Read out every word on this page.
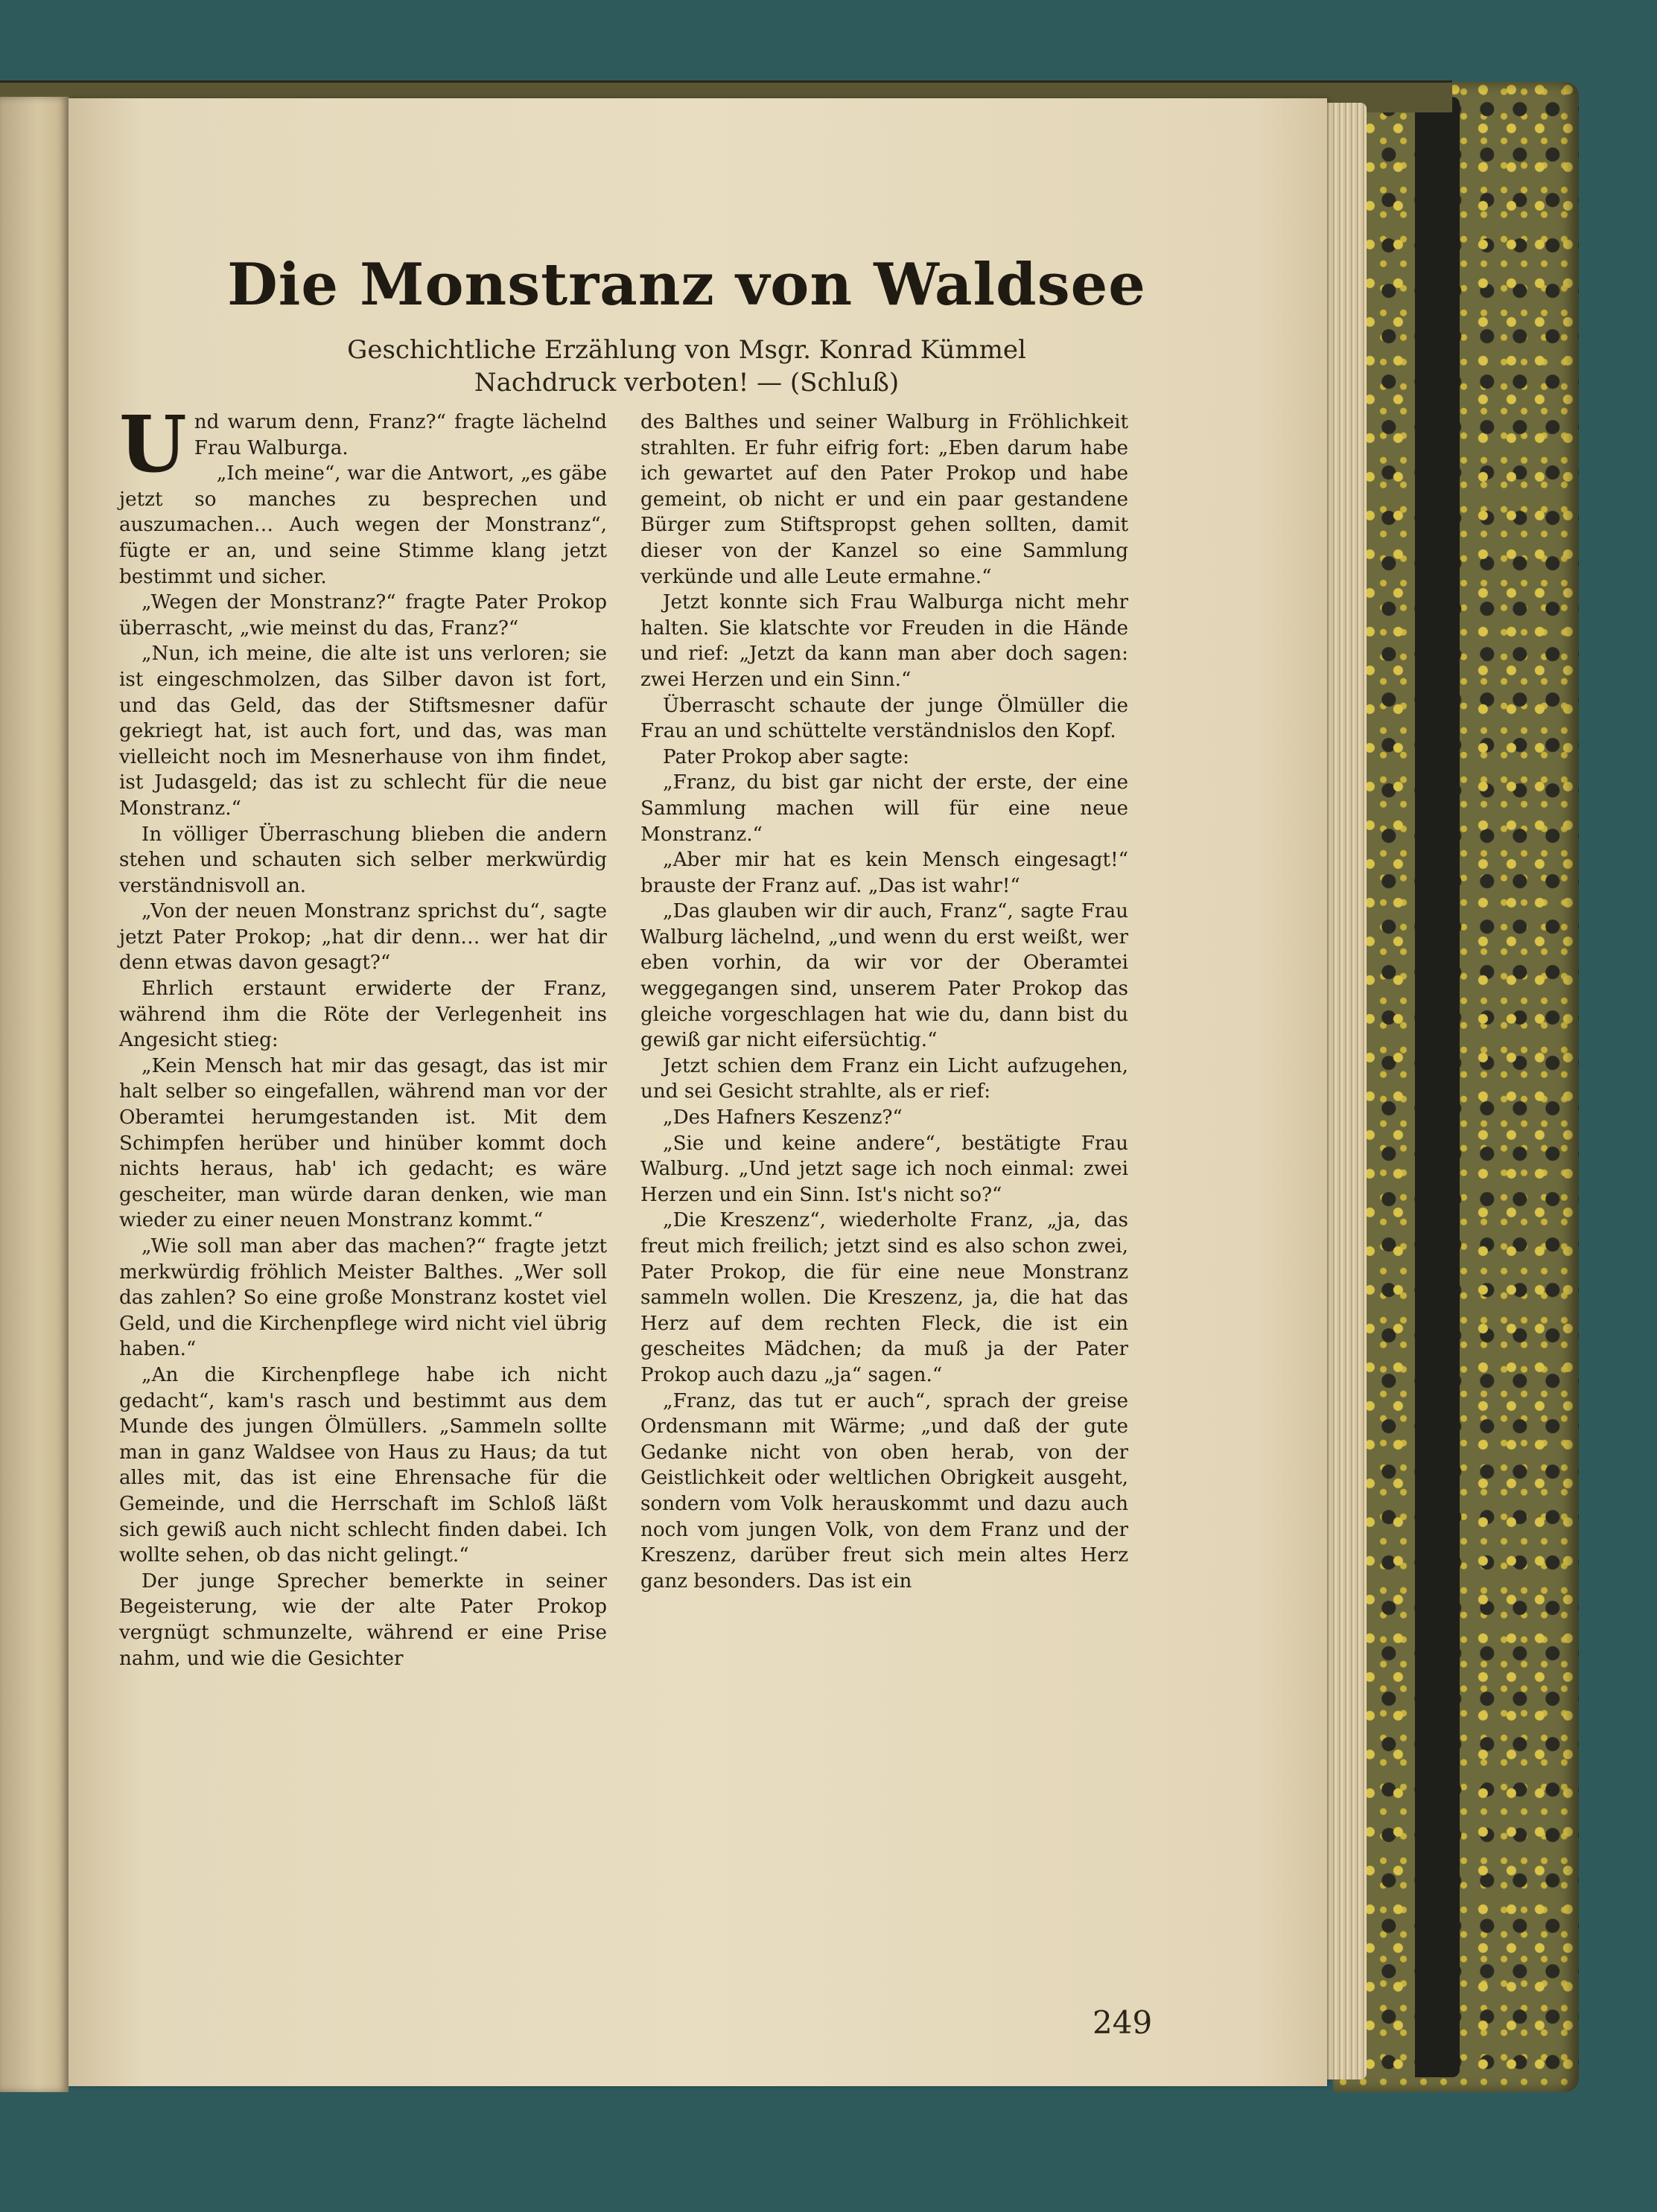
Die Monstranz von Waldsee
Geschichtliche Erzählung von Msgr. Konrad Kümmel
Nachdruck verboten! — (Schluß)
U nd warum denn, Franz?“ fragte lächelnd Frau Walburga.

„Ich meine“, war die Antwort, „es gäbe jetzt so manches zu besprechen und auszumachen… Auch wegen der Monstranz“, fügte er an, und seine Stimme klang jetzt bestimmt und sicher.

„Wegen der Monstranz?“ fragte Pater Prokop überrascht, „wie meinst du das, Franz?“

„Nun, ich meine, die alte ist uns verloren; sie ist eingeschmolzen, das Silber davon ist fort, und das Geld, das der Stiftsmesner dafür gekriegt hat, ist auch fort, und das, was man vielleicht noch im Mesnerhause von ihm findet, ist Judasgeld; das ist zu schlecht für die neue Monstranz.“

In völliger Überraschung blieben die andern stehen und schauten sich selber merkwürdig verständnisvoll an.

„Von der neuen Monstranz sprichst du“, sagte jetzt Pater Prokop; „hat dir denn… wer hat dir denn etwas davon gesagt?“

Ehrlich erstaunt erwiderte der Franz, während ihm die Röte der Verlegenheit ins Angesicht stieg:

„Kein Mensch hat mir das gesagt, das ist mir halt selber so eingefallen, während man vor der Oberamtei herumgestanden ist. Mit dem Schimpfen herüber und hinüber kommt doch nichts heraus, hab' ich gedacht; es wäre gescheiter, man würde daran denken, wie man wieder zu einer neuen Monstranz kommt.“

„Wie soll man aber das machen?“ fragte jetzt merkwürdig fröhlich Meister Balthes. „Wer soll das zahlen? So eine große Monstranz kostet viel Geld, und die Kirchenpflege wird nicht viel übrig haben.“

„An die Kirchenpflege habe ich nicht gedacht“, kam's rasch und bestimmt aus dem Munde des jungen Ölmüllers. „Sammeln sollte man in ganz Waldsee von Haus zu Haus; da tut alles mit, das ist eine Ehrensache für die Gemeinde, und die Herrschaft im Schloß läßt sich gewiß auch nicht schlecht finden dabei. Ich wollte sehen, ob das nicht gelingt.“

Der junge Sprecher bemerkte in seiner Begeisterung, wie der alte Pater Prokop vergnügt schmunzelte, während er eine Prise nahm, und wie die Gesichter

des Balthes und seiner Walburg in Fröhlichkeit strahlten. Er fuhr eifrig fort: „Eben darum habe ich gewartet auf den Pater Prokop und habe gemeint, ob nicht er und ein paar gestandene Bürger zum Stiftspropst gehen sollten, damit dieser von der Kanzel so eine Sammlung verkünde und alle Leute ermahne.“

Jetzt konnte sich Frau Walburga nicht mehr halten. Sie klatschte vor Freuden in die Hände und rief: „Jetzt da kann man aber doch sagen: zwei Herzen und ein Sinn.“

Überrascht schaute der junge Ölmüller die Frau an und schüttelte verständnislos den Kopf.

Pater Prokop aber sagte:

„Franz, du bist gar nicht der erste, der eine Sammlung machen will für eine neue Monstranz.“

„Aber mir hat es kein Mensch eingesagt!“ brauste der Franz auf. „Das ist wahr!“

„Das glauben wir dir auch, Franz“, sagte Frau Walburg lächelnd, „und wenn du erst weißt, wer eben vorhin, da wir vor der Oberamtei weggegangen sind, unserem Pater Prokop das gleiche vorgeschlagen hat wie du, dann bist du gewiß gar nicht eifersüchtig.“

Jetzt schien dem Franz ein Licht aufzugehen, und sei Gesicht strahlte, als er rief:

„Des Hafners Keszenz?“

„Sie und keine andere“, bestätigte Frau Walburg. „Und jetzt sage ich noch einmal: zwei Herzen und ein Sinn. Ist's nicht so?“

„Die Kreszenz“, wiederholte Franz, „ja, das freut mich freilich; jetzt sind es also schon zwei, Pater Prokop, die für eine neue Monstranz sammeln wollen. Die Kreszenz, ja, die hat das Herz auf dem rechten Fleck, die ist ein gescheites Mädchen; da muß ja der Pater Prokop auch dazu „ja“ sagen.“

„Franz, das tut er auch“, sprach der greise Ordensmann mit Wärme; „und daß der gute Gedanke nicht von oben herab, von der Geistlichkeit oder weltlichen Obrigkeit ausgeht, sondern vom Volk herauskommt und dazu auch noch vom jungen Volk, von dem Franz und der Kreszenz, darüber freut sich mein altes Herz ganz besonders. Das ist ein

249
